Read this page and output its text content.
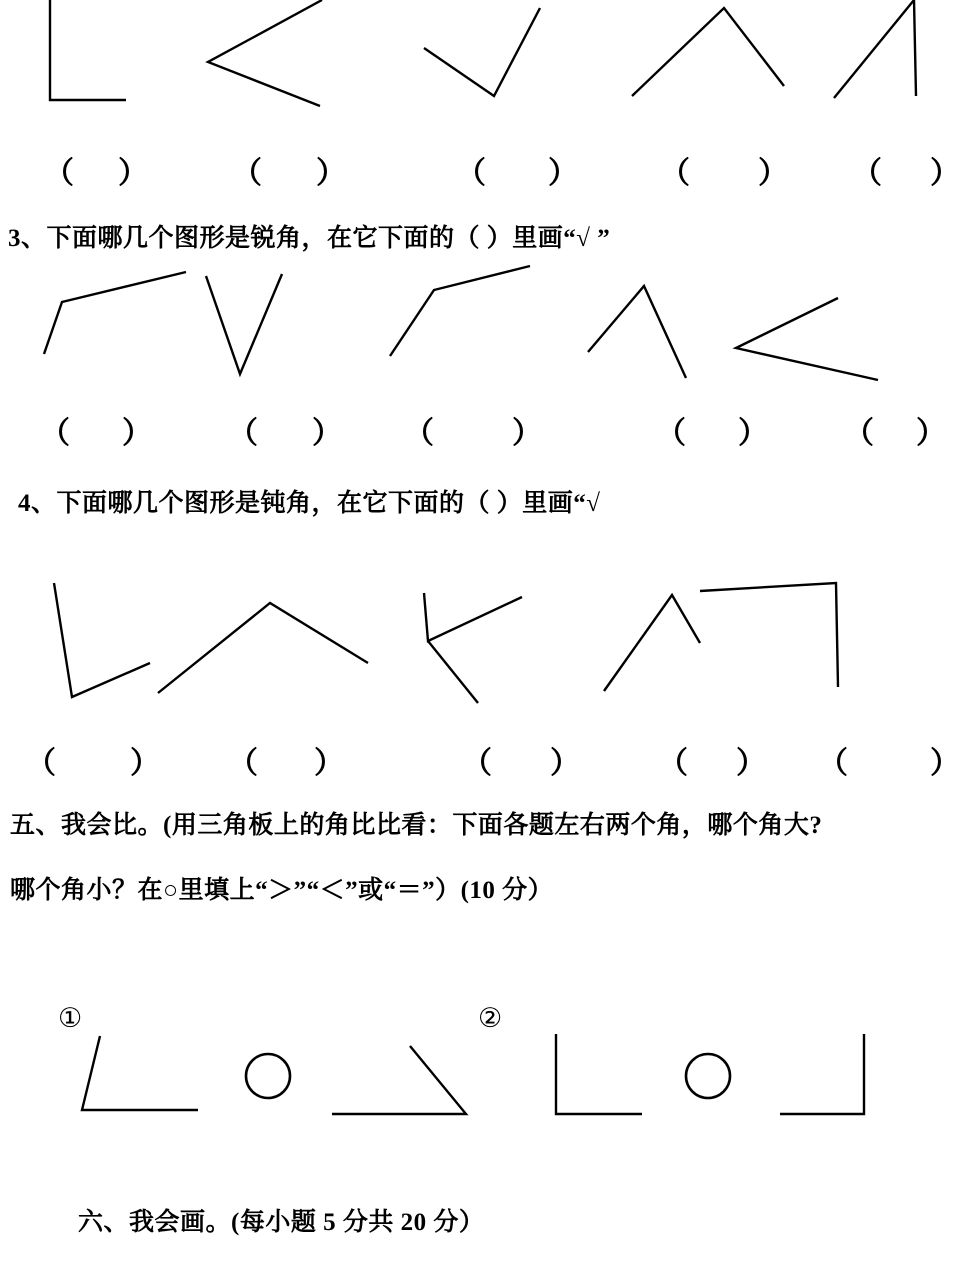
（ ）	（ ）	（ ）	（ ） （ ）
3、下面哪几个图形是锐角，在它下面的（ ）里画“√ ”
（ ）	（ ） （	）	（ ）	（ ）
4、下面哪几个图形是钝角，在它下面的（ ）里画“√
（ ） （ ）	（ ）	（ ） （	）
五、我会比。(用三角板上的角比比看：下面各题左右两个角，哪个角大?
哪个角小？在○里填上“＞”“＜”或“＝”）(10 分）
①	②
六、我会画。(每小题 5 分共 20 分）
